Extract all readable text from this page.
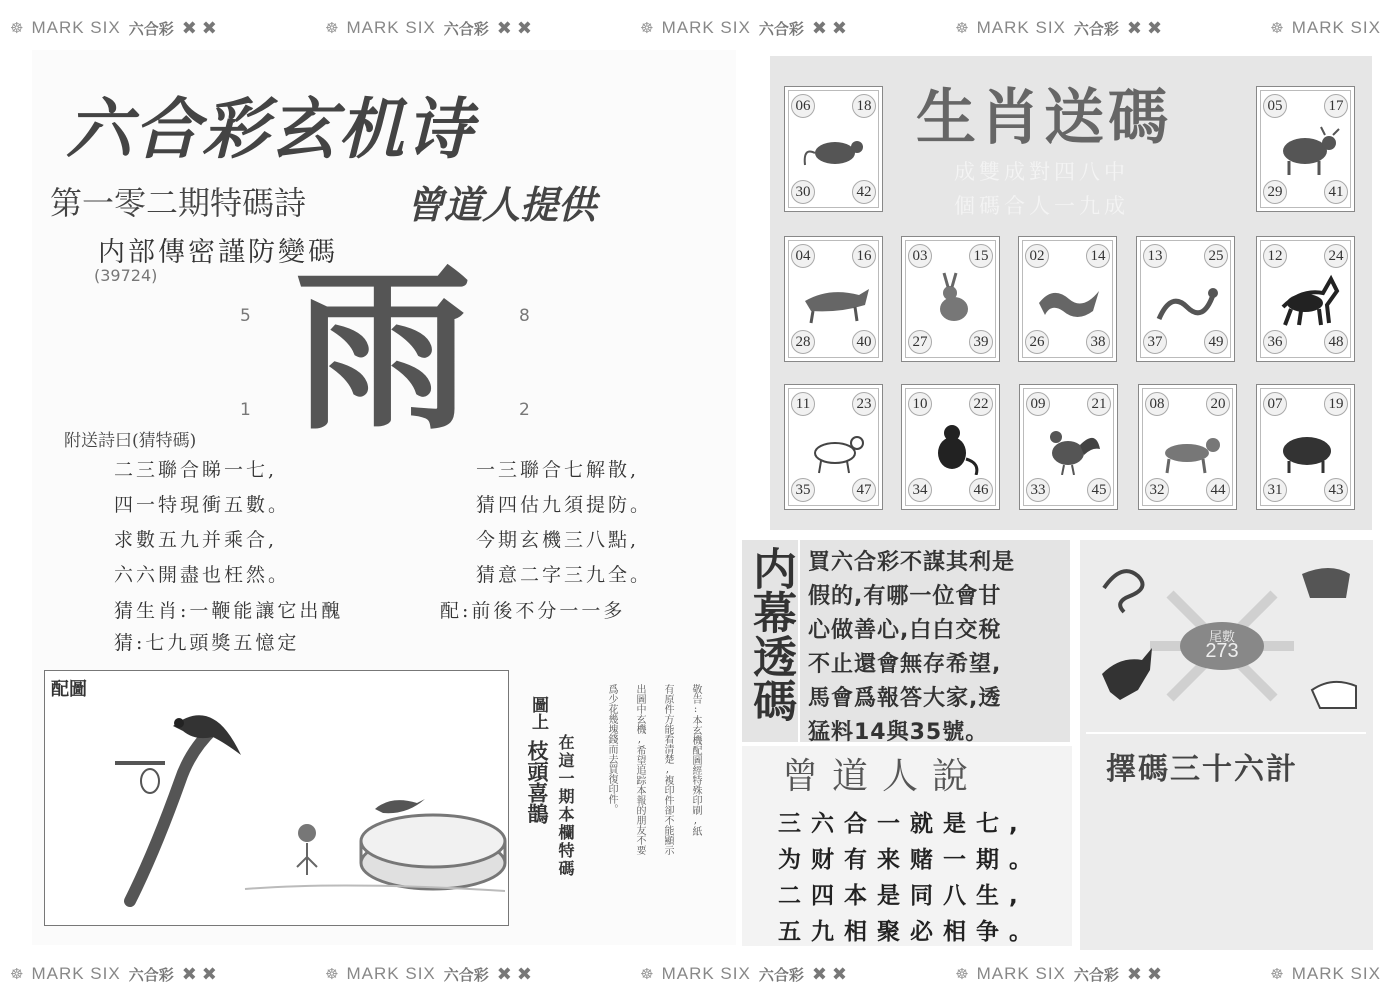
☸ MARK SIX 六合彩 ✖ ✖	☸ MARK SIX 六合彩 ✖ ✖	☸ MARK SIX 六合彩 ✖ ✖	☸ MARK SIX 六合彩 ✖ ✖	☸ MARK SIX
六合彩玄机诗
第一零二期特碼詩	曾道人提供
内部傳密謹防變碼
(39724)
5	8
1	2
雨
附送詩曰(猜特碼)
二三聯合睇一七,
四一特現衝五數。
求數五九并乘合,
六六開盡也枉然。
一三聯合七解散,
猜四估九須提防。
今期玄機三八點,
猜意二字三九全。
猜生肖:一鞭能讓它出醜	配:前後不分一一多
猜:七九頭獎五憶定
配圖
圖上
枝頭喜鵲 在這一期本欄特碼	爲少花幾塊錢而去買復印件。 出圖中玄機,希望追踪本報的朋友不要 有原件方能看清楚,複印件卻不能顯示 敬告:本玄機配圖經特殊印刷,紙
生肖送碼
成雙成對四八中
個碼合人一九成
06	18
30	42
05	17
29	41
04	16
28	40
03	15
27	39
02	14
26	38
13	25
37	49
12	24
36	48
11	23
35	47
10	22
34	46
09	21
33	45
08	20
32	44
07	19
31	43
内幕透碼 買六合彩不謀其利是
假的,有哪一位會甘
心做善心,白白交稅
不止還會無存希望,
馬會爲報答大家,透
猛料14與35號。
曾道人說
三六合一就是七,
为财有来赌一期。
二四本是同八生,
五九相聚必相争。
尾數
273
擇碼三十六計
☸ MARK SIX 六合彩 ✖ ✖	☸ MARK SIX 六合彩 ✖ ✖	☸ MARK SIX 六合彩 ✖ ✖	☸ MARK SIX 六合彩 ✖ ✖	☸ MARK SIX
